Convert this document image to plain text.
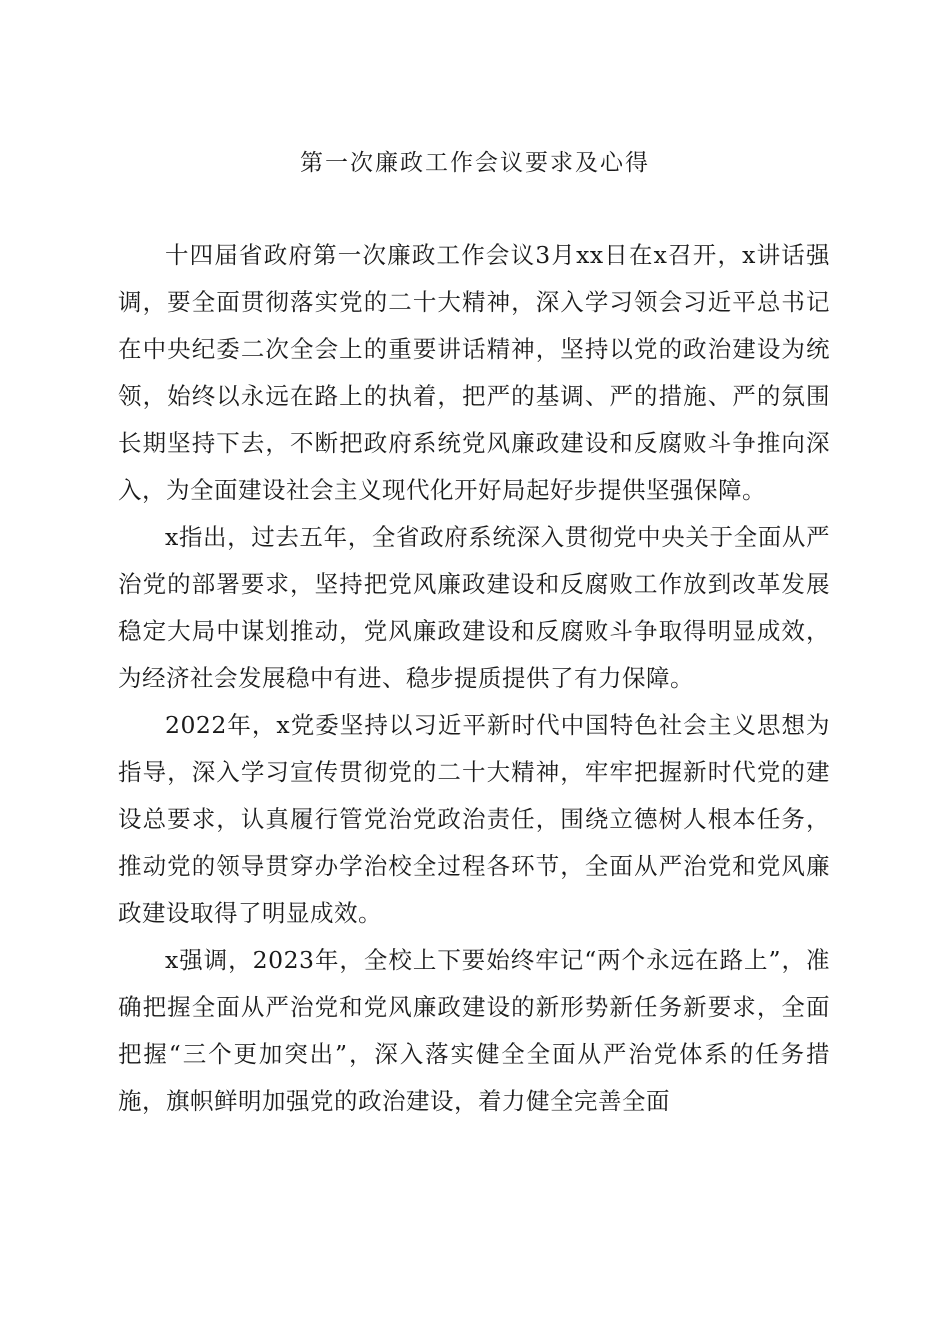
第一次廉政工作会议要求及心得

十四届省政府第一次廉政工作会议3月xx日在x召开，x讲话强调，要全面贯彻落实党的二十大精神，深入学习领会习近平总书记在中央纪委二次全会上的重要讲话精神，坚持以党的政治建设为统领，始终以永远在路上的执着，把严的基调、严的措施、严的氛围长期坚持下去，不断把政府系统党风廉政建设和反腐败斗争推向深入，为全面建设社会主义现代化开好局起好步提供坚强保障。

x指出，过去五年，全省政府系统深入贯彻党中央关于全面从严治党的部署要求，坚持把党风廉政建设和反腐败工作放到改革发展稳定大局中谋划推动，党风廉政建设和反腐败斗争取得明显成效，为经济社会发展稳中有进、稳步提质提供了有力保障。

2022年，x党委坚持以习近平新时代中国特色社会主义思想为指导，深入学习宣传贯彻党的二十大精神，牢牢把握新时代党的建设总要求，认真履行管党治党政治责任，围绕立德树人根本任务，推动党的领导贯穿办学治校全过程各环节，全面从严治党和党风廉政建设取得了明显成效。

x强调，2023年，全校上下要始终牢记“两个永远在路上”，准确把握全面从严治党和党风廉政建设的新形势新任务新要求，全面把握“三个更加突出”，深入落实健全全面从严治党体系的任务措施，旗帜鲜明加强党的政治建设，着力健全完善全面
